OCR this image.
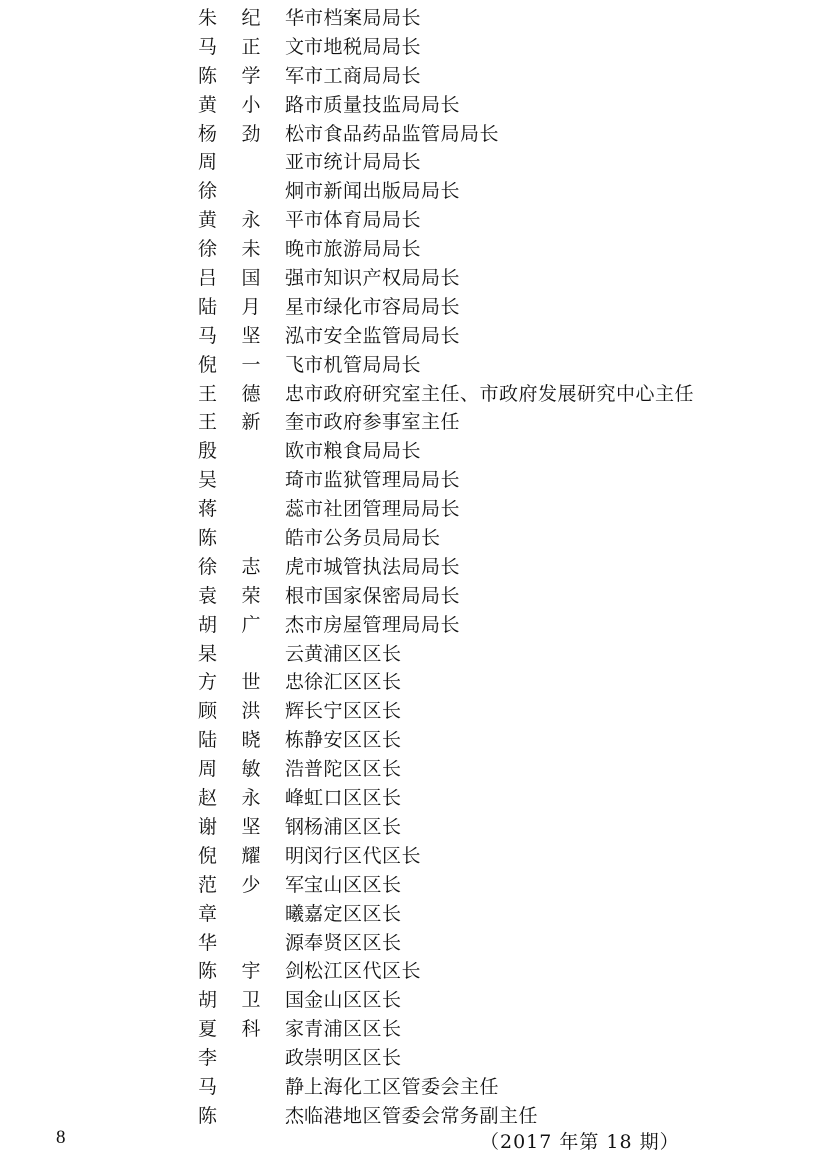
朱纪华市档案局局长
马正文市地税局局长
陈学军市工商局局长
黄小路市质量技监局局长
杨劲松市食品药品监管局局长
周　亚市统计局局长
徐　炯市新闻出版局局长
黄永平市体育局局长
徐未晚市旅游局局长
吕国强市知识产权局局长
陆月星市绿化市容局局长
马坚泓市安全监管局局长
倪一飞市机管局局长
王德忠市政府研究室主任、市政府发展研究中心主任
王新奎市政府参事室主任
殷　欧市粮食局局长
吴　琦市监狱管理局局长
蒋　蕊市社团管理局局长
陈　皓市公务员局局长
徐志虎市城管执法局局长
袁荣根市国家保密局局长
胡广杰市房屋管理局局长
杲　云黄浦区区长
方世忠徐汇区区长
顾洪辉长宁区区长
陆晓栋静安区区长
周敏浩普陀区区长
赵永峰虹口区区长
谢坚钢杨浦区区长
倪耀明闵行区代区长
范少军宝山区区长
章　曦嘉定区区长
华　源奉贤区区长
陈宇剑松江区代区长
胡卫国金山区区长
夏科家青浦区区长
李　政崇明区区长
马　静上海化工区管委会主任
陈　杰临港地区管委会常务副主任
8	（2017 年第 18 期）
